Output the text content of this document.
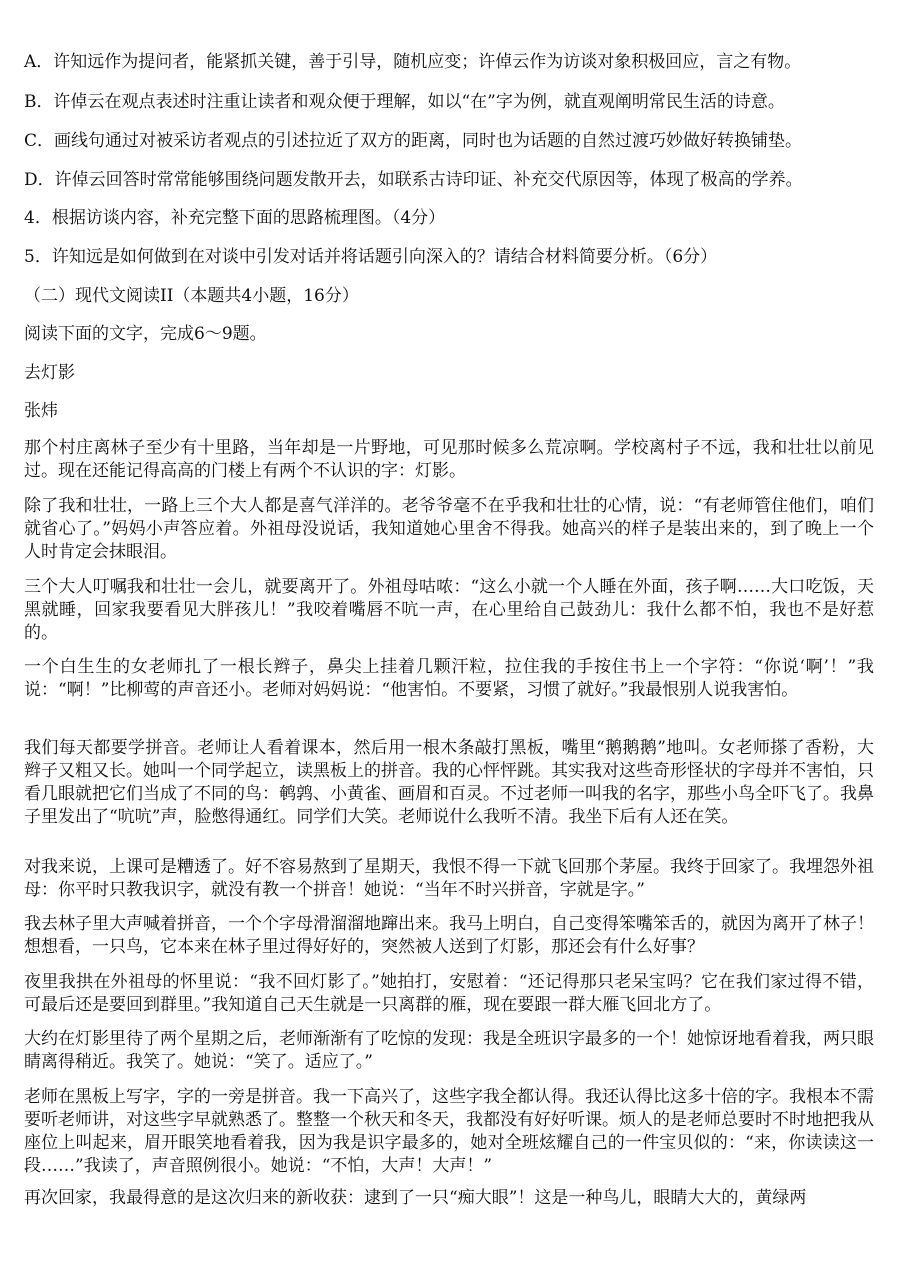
A．许知远作为提问者，能紧抓关键，善于引导，随机应变；许倬云作为访谈对象积极回应，言之有物。
B．许倬云在观点表述时注重让读者和观众便于理解，如以“在”字为例，就直观阐明常民生活的诗意。
C．画线句通过对被采访者观点的引述拉近了双方的距离，同时也为话题的自然过渡巧妙做好转换铺垫。
D．许倬云回答时常常能够围绕问题发散开去，如联系古诗印证、补充交代原因等，体现了极高的学养。
4．根据访谈内容，补充完整下面的思路梳理图。（4分）
5．许知远是如何做到在对谈中引发对话并将话题引向深入的？请结合材料简要分析。（6分）
（二）现代文阅读II（本题共4小题，16分）
阅读下面的文字，完成6～9题。
去灯影
张炜
那个村庄离林子至少有十里路，当年却是一片野地，可见那时候多么荒凉啊。学校离村子不远，我和壮壮以前见过。现在还能记得高高的门楼上有两个不认识的字：灯影。
除了我和壮壮，一路上三个大人都是喜气洋洋的。老爷爷毫不在乎我和壮壮的心情，说：“有老师管住他们，咱们就省心了。”妈妈小声答应着。外祖母没说话，我知道她心里舍不得我。她高兴的样子是装出来的，到了晚上一个人时肯定会抹眼泪。
三个大人叮嘱我和壮壮一会儿，就要离开了。外祖母咕哝：“这么小就一个人睡在外面，孩子啊……大口吃饭，天黑就睡，回家我要看见大胖孩儿！”我咬着嘴唇不吭一声，在心里给自己鼓劲儿：我什么都不怕，我也不是好惹的。
一个白生生的女老师扎了一根长辫子，鼻尖上挂着几颗汗粒，拉住我的手按住书上一个字符：“你说‘啊’！”我说：“啊！”比柳莺的声音还小。老师对妈妈说：“他害怕。不要紧，习惯了就好。”我最恨别人说我害怕。
我们每天都要学拼音。老师让人看着课本，然后用一根木条敲打黑板，嘴里“鹅鹅鹅”地叫。女老师搽了香粉，大辫子又粗又长。她叫一个同学起立，读黑板上的拼音。我的心怦怦跳。其实我对这些奇形怪状的字母并不害怕，只看几眼就把它们当成了不同的鸟：鹌鹑、小黄雀、画眉和百灵。不过老师一叫我的名字，那些小鸟全吓飞了。我鼻子里发出了“吭吭”声，脸憋得通红。同学们大笑。老师说什么我听不清。我坐下后有人还在笑。
对我来说，上课可是糟透了。好不容易熬到了星期天，我恨不得一下就飞回那个茅屋。我终于回家了。我埋怨外祖母：你平时只教我识字，就没有教一个拼音！她说：“当年不时兴拼音，字就是字。”
我去林子里大声喊着拼音，一个个字母滑溜溜地蹿出来。我马上明白，自己变得笨嘴笨舌的，就因为离开了林子！想想看，一只鸟，它本来在林子里过得好好的，突然被人送到了灯影，那还会有什么好事？
夜里我拱在外祖母的怀里说：“我不回灯影了。”她拍打，安慰着：“还记得那只老呆宝吗？它在我们家过得不错，可最后还是要回到群里。”我知道自己天生就是一只离群的雁，现在要跟一群大雁飞回北方了。
大约在灯影里待了两个星期之后，老师渐渐有了吃惊的发现：我是全班识字最多的一个！她惊讶地看着我，两只眼睛离得稍近。我笑了。她说：“笑了。适应了。”
老师在黑板上写字，字的一旁是拼音。我一下高兴了，这些字我全都认得。我还认得比这多十倍的字。我根本不需要听老师讲，对这些字早就熟悉了。整整一个秋天和冬天，我都没有好好听课。烦人的是老师总要时不时地把我从座位上叫起来，眉开眼笑地看着我，因为我是识字最多的，她对全班炫耀自己的一件宝贝似的：“来，你读读这一段……”我读了，声音照例很小。她说：“不怕，大声！大声！”
再次回家，我最得意的是这次归来的新收获：逮到了一只“痴大眼”！这是一种鸟儿，眼睛大大的，黄绿两
